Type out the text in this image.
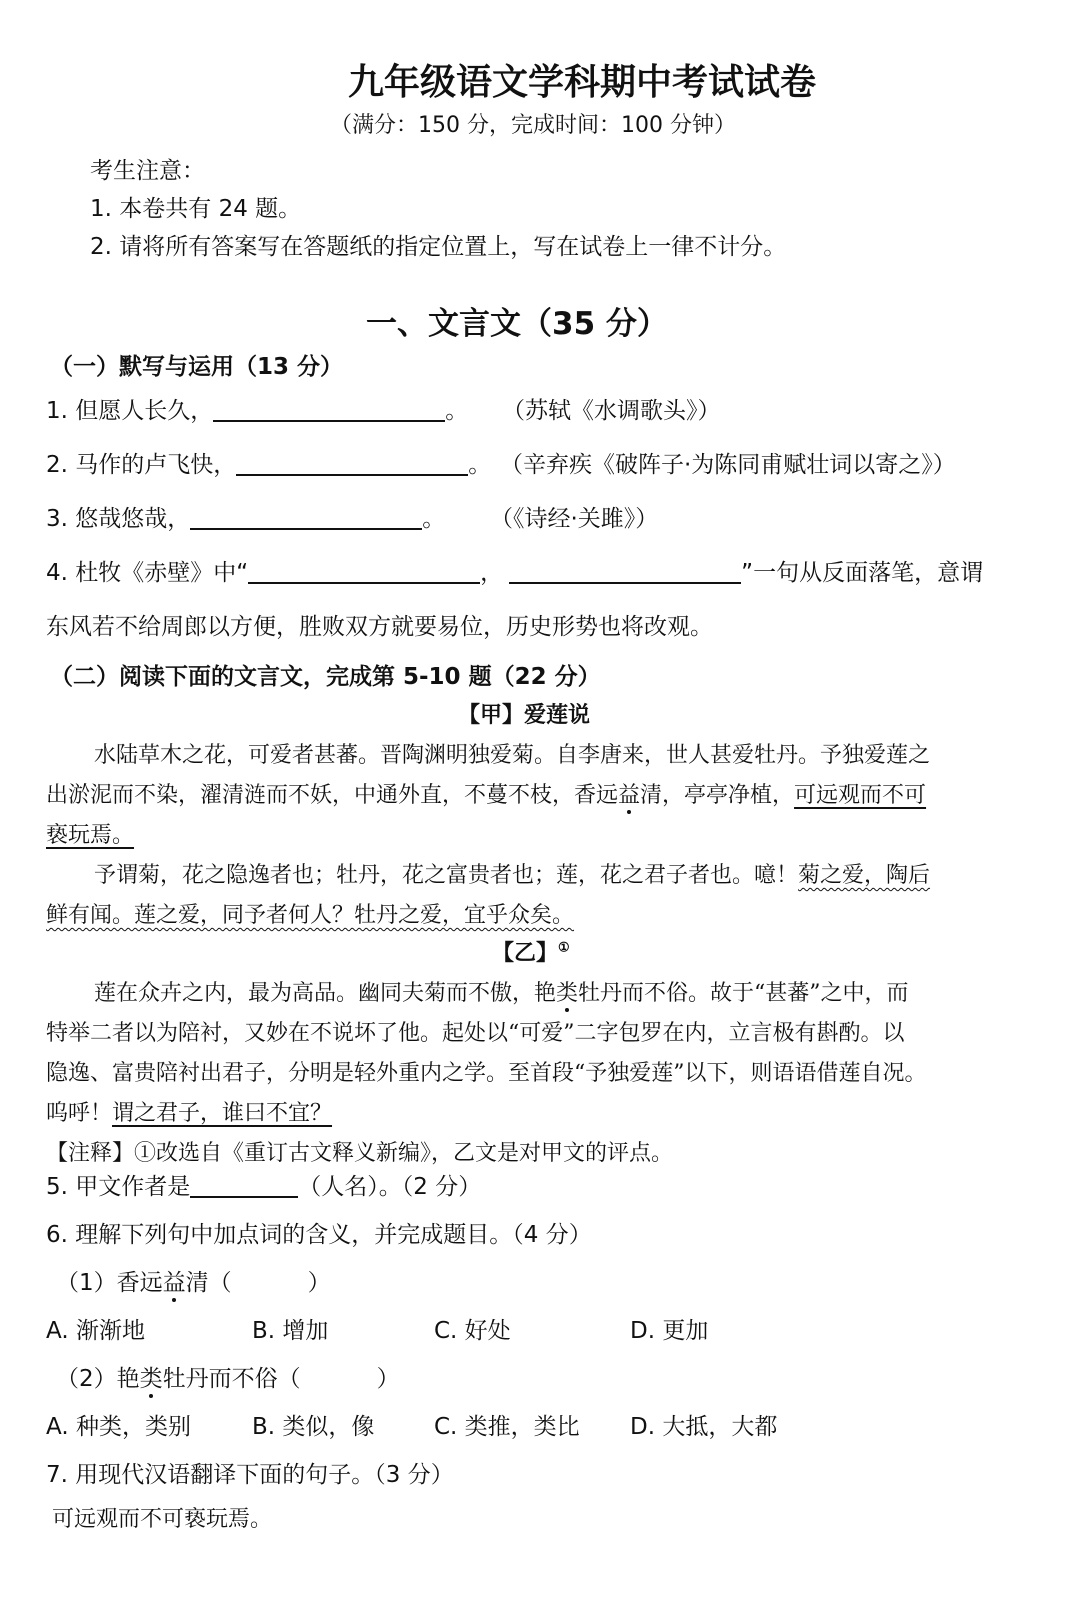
九年级语文学科期中考试试卷
（满分：150 分，完成时间：100 分钟）
考生注意：
1. 本卷共有 24 题。
2. 请将所有答案写在答题纸的指定位置上，写在试卷上一律不计分。
一、文言文（35 分）
（一）默写与运用（13 分）
1. 但愿人长久，	。 （苏轼《水调歌头》）
2. 马作的卢飞快，	。 （辛弃疾《破阵子·为陈同甫赋壮词以寄之》）
3. 悠哉悠哉，	。 （《诗经·关雎》）
4. 杜牧《赤壁》中“	，	”一句从反面落笔，意谓
东风若不给周郎以方便，胜败双方就要易位，历史形势也将改观。
（二）阅读下面的文言文，完成第 5-10 题（22 分）
【甲】爱莲说
水陆草木之花，可爱者甚蕃。晋陶渊明独爱菊。自李唐来，世人甚爱牡丹。予独爱莲之
出淤泥而不染，濯清涟而不妖，中通外直，不蔓不枝，香远益清，亭亭净植，可远观而不可
亵玩焉。
予谓菊，花之隐逸者也；牡丹，花之富贵者也；莲，花之君子者也。噫！菊之爱，陶后
鲜有闻。莲之爱，同予者何人？牡丹之爱，宜乎众矣。
【乙】①
莲在众卉之内，最为高品。幽同夫菊而不傲，艳类牡丹而不俗。故于“甚蕃”之中，而
特举二者以为陪衬，又妙在不说坏了他。起处以“可爱”二字包罗在内，立言极有斟酌。以
隐逸、富贵陪衬出君子，分明是轻外重内之学。至首段“予独爱莲”以下，则语语借莲自况。
呜呼！谓之君子，谁曰不宜？
【注释】①改选自《重订古文释义新编》，乙文是对甲文的评点。
5. 甲文作者是	（人名）。（2 分）
6. 理解下列句中加点词的含义，并完成题目。（4 分）
（1）香远益清（	）
A. 渐渐地	B. 增加	C. 好处	D. 更加
（2）艳类牡丹而不俗（	）
A. 种类，类别	B. 类似，像	C. 类推，类比 D. 大抵，大都
7. 用现代汉语翻译下面的句子。（3 分）
可远观而不可亵玩焉。
